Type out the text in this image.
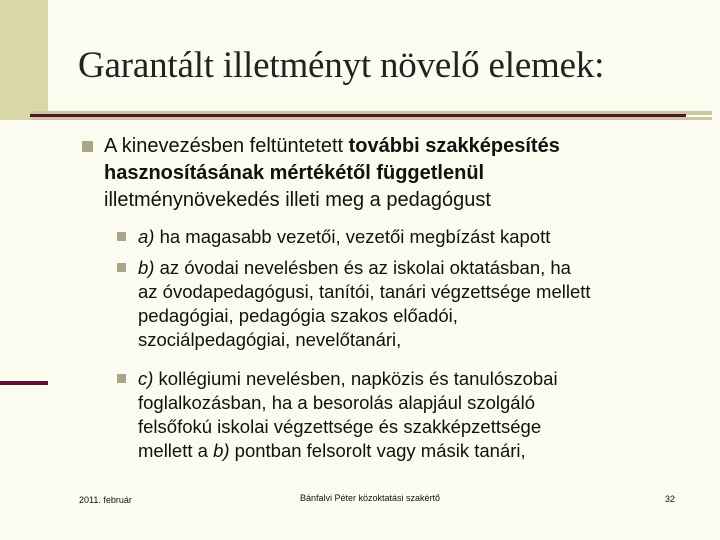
Garantált illetményt növelő elemek:
A kinevezésben feltüntetett további szakképesítés
hasznosításának mértékétől függetlenül
illetménynövekedés illeti meg a pedagógust
a) ha magasabb vezetői, vezetői megbízást kapott
b) az óvodai nevelésben és az iskolai oktatásban, ha
az óvodapedagógusi, tanítói, tanári végzettsége mellett
pedagógiai, pedagógia szakos előadói,
szociálpedagógiai, nevelőtanári,
c) kollégiumi nevelésben, napközis és tanulószobai
foglalkozásban, ha a besorolás alapjául szolgáló
felsőfokú iskolai végzettsége és szakképzettsége
mellett a b) pontban felsorolt vagy másik tanári,
2011. február	Bánfalvi Péter közoktatási szakértő	32
